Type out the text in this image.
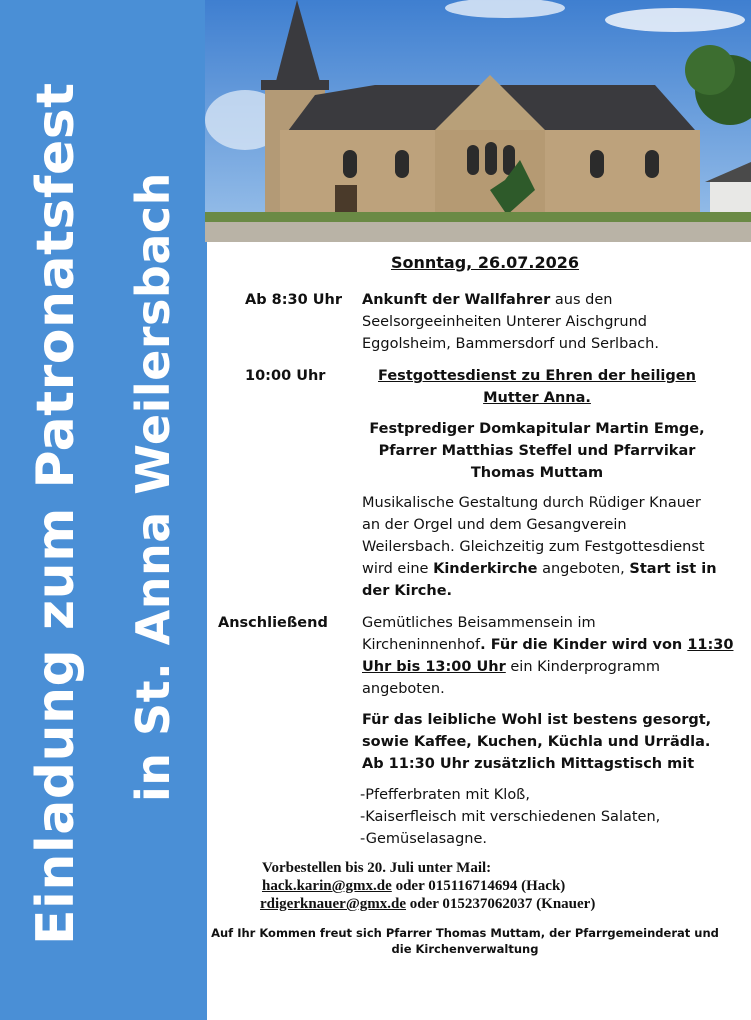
Einladung zum Patronatsfest in St. Anna Weilersbach	Sonntag, 26.07.2026
Ab 8:30 Uhr Ankunft der Wallfahrer aus den
Seelsorgeeinheiten Unterer Aischgrund
Eggolsheim, Bammersdorf und Serlbach.
10:00 Uhr	Festgottesdienst zu Ehren der heiligen
Mutter Anna.
Festprediger Domkapitular Martin Emge,
Pfarrer Matthias Steffel und Pfarrvikar
Thomas Muttam
Musikalische Gestaltung durch Rüdiger Knauer
an der Orgel und dem Gesangverein
Weilersbach. Gleichzeitig zum Festgottesdienst
wird eine Kinderkirche angeboten, Start ist in
der Kirche.
Anschließend Gemütliches Beisammensein im
Kircheninnenhof. Für die Kinder wird von 11:30
Uhr bis 13:00 Uhr ein Kinderprogramm
angeboten.
Für das leibliche Wohl ist bestens gesorgt,
sowie Kaffee, Kuchen, Küchla und Urrädla.
Ab 11:30 Uhr zusätzlich Mittagstisch mit
-Pfefferbraten mit Kloß,
-Kaiserfleisch mit verschiedenen Salaten,
-Gemüselasagne.
Vorbestellen bis 20. Juli unter Mail:
hack.karin@gmx.de oder 015116714694 (Hack)
rdigerknauer@gmx.de oder 015237062037 (Knauer)
Auf Ihr Kommen freut sich Pfarrer Thomas Muttam, der Pfarrgemeinderat und
die Kirchenverwaltung
